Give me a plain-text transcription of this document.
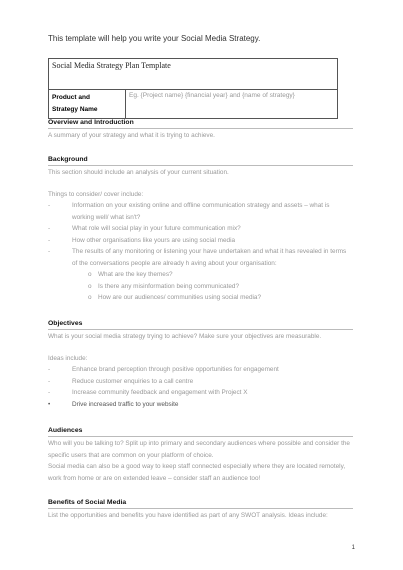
This template will help you write your Social Media Strategy.
Social Media Strategy Plan Template

Product and
Strategy Name
	Eg. {Project name} {financial year} and {name of strategy}
Overview and Introduction
A summary of your strategy and what it is trying to achieve.
Background
This section should include an analysis of your current situation.
Things to consider/ cover include:
-	Information on your existing online and offline communication strategy and assets – what is working well/ what isn't?
-	What role will social play in your future communication mix?
-	How other organisations like yours are using social media
-	The results of any monitoring or listening your have undertaken and what it has revealed in terms of the conversations people are already h aving about your organisation:
o What are the key themes?
o Is there any misinformation being communicated?
o How are our audiences/ communities using social media?
Objectives
What is your social media strategy trying to achieve? Make sure your objectives are measurable.
Ideas include:
-	Enhance brand perception through positive opportunities for engagement
-	Reduce customer enquiries to a call centre
-	Increase community feedback and engagement with Project X
•	Drive increased traffic to your website
Audiences
Who will you be talking to? Split up into primary and secondary audiences where possible and consider the specific users that are common on your platform of choice.
Social media can also be a good way to keep staff connected especially where they are located remotely, work from home or are on extended leave – consider staff an audience too!
Benefits of Social Media
List the opportunities and benefits you have identified as part of any SWOT analysis. Ideas include:
1
